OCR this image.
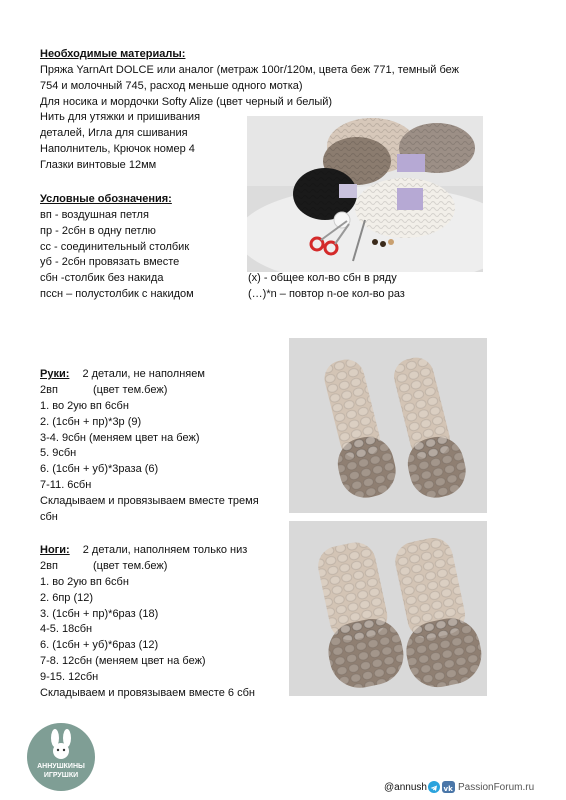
Необходимые материалы:
Пряжа YarnArt DOLCE или аналог (метраж 100г/120м, цвета беж 771, темный беж
754 и молочный 745, расход меньше одного мотка)
Для носика и мордочки Softy Alize (цвет черный и белый)
Нить для утяжки и пришивания
деталей, Игла для сшивания
Наполнитель, Крючок номер 4
Глазки винтовые 12мм
Условные обозначения:
вп - воздушная петля
пр - 2сбн в одну петлю
сс - соединительный столбик
уб - 2сбн провязать вместе
сбн -столбик без накида
пссн – полустолбик с накидом
(х) - общее кол-во сбн в ряду
(…)*n – повтор n-ое кол-во раз
Руки: 2 детали, не наполняем
2вп	(цвет тем.беж)
1. во 2ую вп 6сбн
2. (1сбн + пр)*3р (9)
3-4. 9сбн (меняем цвет на беж)
5. 9сбн
6. (1сбн + уб)*3раза (6)
7-11. 6сбн
Складываем и провязываем вместе тремя
сбн
Ноги: 2 детали, наполняем только низ
2вп	(цвет тем.беж)
1. во 2ую вп 6сбн
2. 6пр (12)
3. (1сбн + пр)*6раз (18)
4-5. 18сбн
6. (1сбн + уб)*6раз (12)
7-8. 12сбн (меняем цвет на беж)
9-15. 12сбн
Складываем и провязываем вместе 6 сбн
АННУШКИНЫ
ИГРУШКИ
@annush vk PassionForum.ru
